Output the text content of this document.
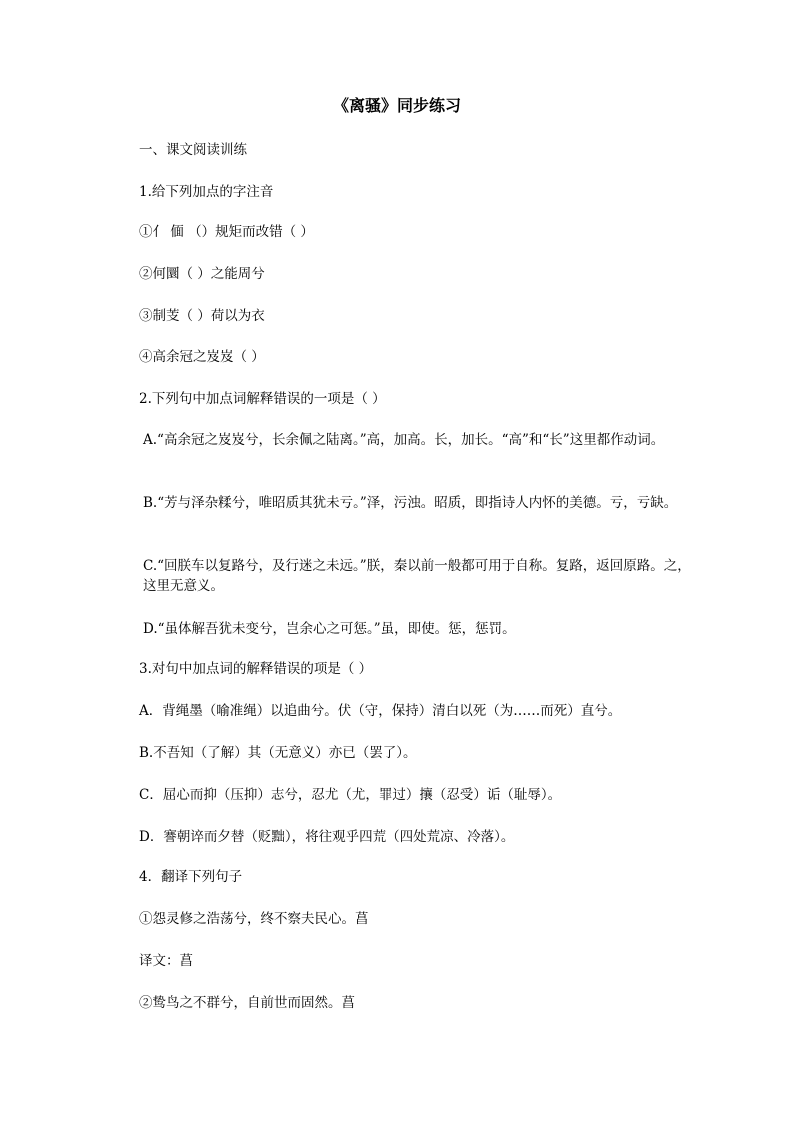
《离骚》同步练习

一、课文阅读训练

1.给下列加点的字注音

①亻 偭 （）规矩而改错（ ）

②何圜（ ）之能周兮

③制芰（ ）荷以为衣

④高余冠之岌岌（ ）

2.下列句中加点词解释错误的一项是（ ）

A.“高余冠之岌岌兮，长余佩之陆离。”高，加高。长，加长。“高”和“长”这里都作动词。

B.“芳与泽杂糅兮，唯昭质其犹未亏。”泽，污浊。昭质，即指诗人内怀的美德。亏，亏缺。

C.“回朕车以复路兮，及行迷之未远。”朕，秦以前一般都可用于自称。复路，返回原路。之，这里无意义。

D.“虽体解吾犹未变兮，岂余心之可惩。”虽，即使。惩，惩罚。

3.对句中加点词的解释错误的项是（ ）

A．背绳墨（喻准绳）以追曲兮。伏（守，保持）清白以死（为……而死）直兮。

B.不吾知（了解）其（无意义）亦已（罢了）。

C．屈心而抑（压抑）志兮，忍尤（尤，罪过）攘（忍受）诟（耻辱）。

D．謇朝谇而夕替（贬黜），将往观乎四荒（四处荒凉、冷落）。

4．翻译下列句子

①怨灵修之浩荡兮，终不察夫民心。菖

译文：菖

②鸷鸟之不群兮，自前世而固然。菖
